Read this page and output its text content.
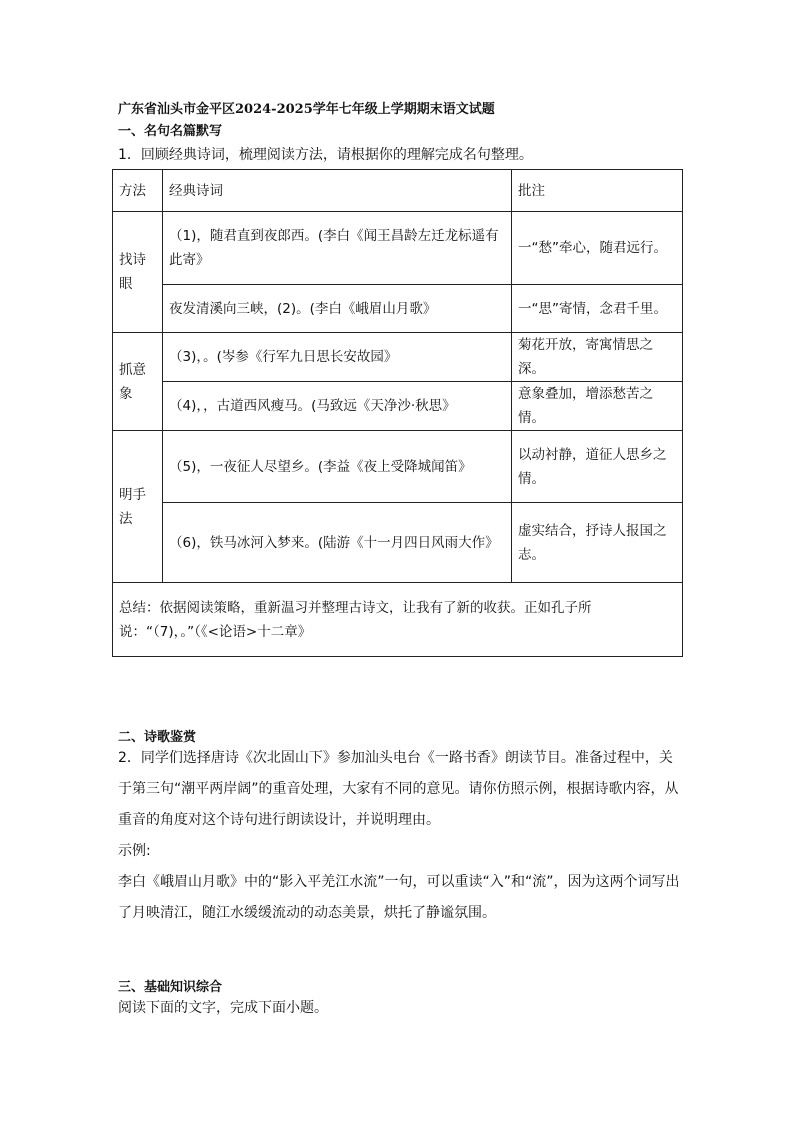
广东省汕头市金平区2024-2025学年七年级上学期期末语文试题
一、名句名篇默写
1．回顾经典诗词，梳理阅读方法，请根据你的理解完成名句整理。
方法	经典诗词	批注
找诗眼	（1)，随君直到夜郎西。(李白《闻王昌龄左迁龙标遥有此寄》	一“愁”牵心，随君远行。
	夜发清溪向三峡，(2)。(李白《峨眉山月歌》	一“思”寄情，念君千里。
抓意象	（3)，。(岑参《行军九日思长安故园》	菊花开放，寄寓情思之深。
	（4)，，古道西风瘦马。(马致远《天净沙·秋思》	意象叠加，增添愁苦之情。
明手法	（5)，一夜征人尽望乡。(李益《夜上受降城闻笛》	以动衬静，道征人思乡之情。
	（6)，铁马冰河入梦来。(陆游《十一月四日风雨大作》	虚实结合，抒诗人报国之志。
总结：依据阅读策略，重新温习并整理古诗文，让我有了新的收获。正如孔子所说：“（7)，。”（《<论语>十二章》		
二、诗歌鉴赏
2．同学们选择唐诗《次北固山下》参加汕头电台《一路书香》朗读节目。准备过程中，关于第三句“潮平两岸阔”的重音处理，大家有不同的意见。请你仿照示例，根据诗歌内容，从重音的角度对这个诗句进行朗读设计，并说明理由。
示例:
李白《峨眉山月歌》中的“影入平羌江水流”一句，可以重读“入”和“流”，因为这两个词写出了月映清江，随江水缓缓流动的动态美景，烘托了静谧氛围。
三、基础知识综合
阅读下面的文字，完成下面小题。
